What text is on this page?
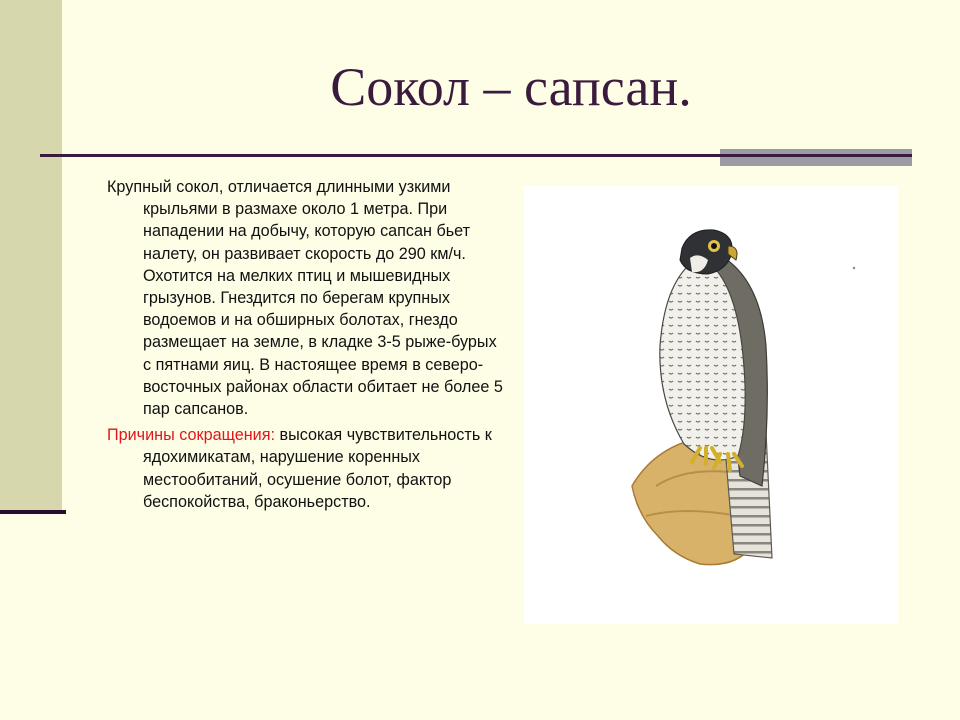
Сокол – сапсан.

Крупный сокол, отличается длинными узкими крыльями в размахе около 1 метра. При нападении на добычу, которую сапсан бьет налету, он развивает скорость до 290 км/ч. Охотится на мелких птиц и мышевидных грызунов. Гнездится по берегам крупных водоемов и на обширных болотах, гнездо размещает на земле, в кладке 3-5 рыже-бурых с пятнами яиц. В настоящее время в северо-восточных районах области обитает не более 5 пар сапсанов.

Причины сокращения: высокая чувствительность к ядохимикатам, нарушение коренных местообитаний, осушение болот, фактор беспокойства, браконьерство.
